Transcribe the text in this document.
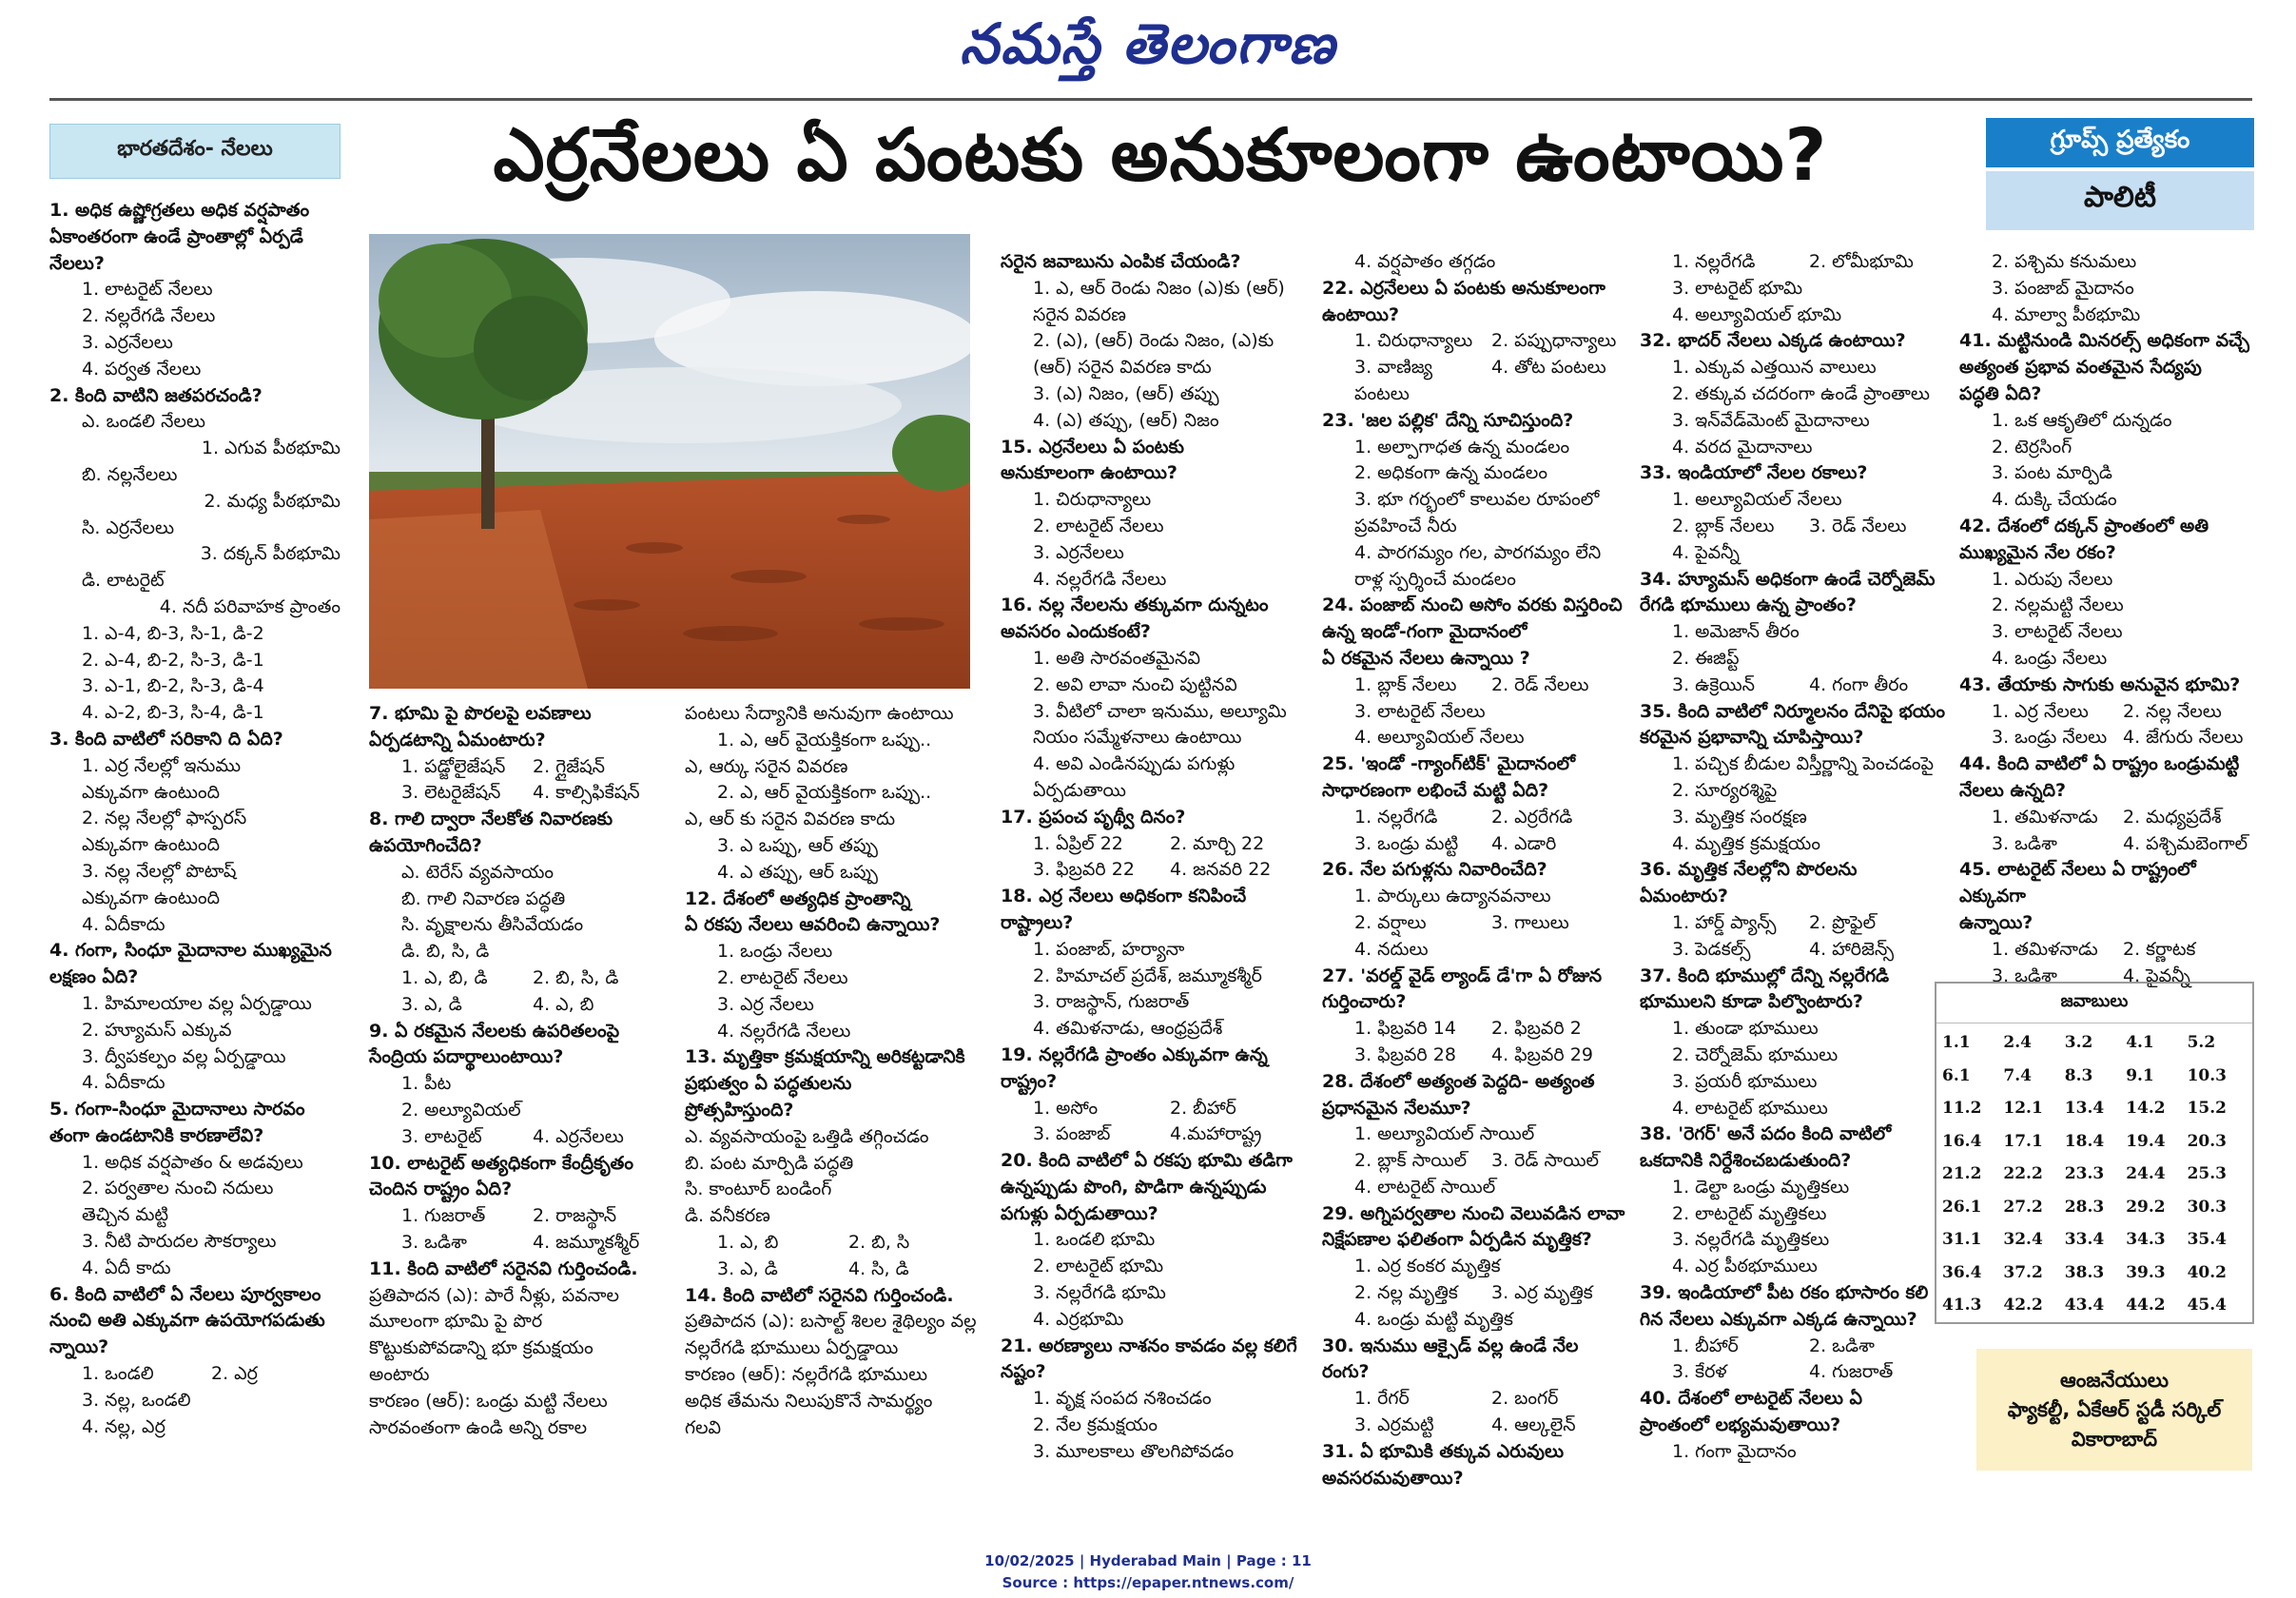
నమస్తే తెలంగాణ
భారతదేశం- నేలలు	ఎర్రనేలలు ఏ పంటకు అనుకూలంగా ఉంటాయి?	గ్రూప్స్ ప్రత్యేకం
పాలిటీ
1. అధిక ఉష్ణోగ్రతలు అధిక వర్షపాతం
ఏకాంతరంగా ఉండే ప్రాంతాల్లో ఏర్పడే
నేలలు?
1. లాటరైట్ నేలలు
2. నల్లరేగడి నేలలు
3. ఎర్రనేలలు
4. పర్వత నేలలు
2. కింది వాటిని జతపరచండి?
ఎ. ఒండలి నేలలు
1. ఎగువ పీఠభూమి
బి. నల్లనేలలు
2. మధ్య పీఠభూమి
సి. ఎర్రనేలలు
3. దక్కన్ పీఠభూమి
డి. లాటరైట్
4. నదీ పరివాహక ప్రాంతం
1. ఎ-4, బి-3, సి-1, డి-2
2. ఎ-4, బి-2, సి-3, డి-1
3. ఎ-1, బి-2, సి-3, డి-4
4. ఎ-2, బి-3, సి-4, డి-1
3. కింది వాటిలో సరికాని ది ఏది?
1. ఎర్ర నేలల్లో ఇనుము
ఎక్కువగా ఉంటుంది
2. నల్ల నేలల్లో ఫాస్పరస్
ఎక్కువగా ఉంటుంది
3. నల్ల నేలల్లో పొటాష్
ఎక్కువగా ఉంటుంది
4. ఏదీకాదు
4. గంగా, సింధూ మైదానాల ముఖ్యమైన
లక్షణం ఏది?
1. హిమాలయాల వల్ల ఏర్పడ్డాయి
2. హ్యూమస్ ఎక్కువ
3. ద్వీపకల్పం వల్ల ఏర్పడ్డాయి
4. ఏదీకాదు
5. గంగా-సింధూ మైదానాలు సారవం
తంగా ఉండటానికి కారణాలేవి?
1. అధిక వర్షపాతం & అడవులు
2. పర్వతాల నుంచి నదులు
తెచ్చిన మట్టి
3. నీటి పారుదల సౌకర్యాలు
4. ఏదీ కాదు
6. కింది వాటిలో ఏ నేలలు పూర్వకాలం
నుంచి అతి ఎక్కువగా ఉపయోగపడుతు
న్నాయి?
1. ఒండలి	2. ఎర్ర
3. నల్ల, ఒండలి
4. నల్ల, ఎర్ర
7. భూమి పై పొరలపై లవణాలు
ఏర్పడటాన్ని ఏమంటారు?
1. పడ్జోలైజేషన్	2. గ్లైజేషన్
3. లెటరైజేషన్	4. కాల్సిఫికేషన్
8. గాలి ద్వారా నేలకోత నివారణకు
ఉపయోగించేది?
ఎ. టెరేస్ వ్యవసాయం
బి. గాలి నివారణ పద్ధతి
సి. వృక్షాలను తీసివేయడం
డి. బి, సి, డి
1. ఎ, బి, డి	2. బి, సి, డి
3. ఎ, డి	4. ఎ, బి
9. ఏ రకమైన నేలలకు ఉపరితలంపై
సేంద్రియ పదార్థాలుంటాయి?
1. పీట
2. అల్యూవియల్
3. లాటరైట్	4. ఎర్రనేలలు
10. లాటరైట్ అత్యధికంగా కేంద్రీకృతం
చెందిన రాష్ట్రం ఏది?
1. గుజరాత్	2. రాజస్థాన్
3. ఒడిశా	4. జమ్మూకశ్మీర్
11. కింది వాటిలో సరైనవి గుర్తించండి.
ప్రతిపాదన (ఎ): పారే నీళ్లు, పవనాల
మూలంగా భూమి పై పొర
కొట్టుకుపోవడాన్ని భూ క్రమక్షయం
అంటారు
కారణం (ఆర్): ఒండ్రు మట్టి నేలలు
సారవంతంగా ఉండి అన్ని రకాల
పంటలు సేద్యానికి అనువుగా ఉంటాయి
1. ఎ, ఆర్ వైయక్తికంగా ఒప్పు..
ఎ, ఆర్కు సరైన వివరణ
2. ఎ, ఆర్ వైయక్తికంగా ఒప్పు..
ఎ, ఆర్ కు సరైన వివరణ కాదు
3. ఎ ఒప్పు, ఆర్ తప్పు
4. ఎ తప్పు, ఆర్ ఒప్పు
12. దేశంలో అత్యధిక ప్రాంతాన్ని
ఏ రకపు నేలలు ఆవరించి ఉన్నాయి?
1. ఒండ్రు నేలలు
2. లాటరైట్ నేలలు
3. ఎర్ర నేలలు
4. నల్లరేగడి నేలలు
13. మృత్తికా క్రమక్షయాన్ని అరికట్టడానికి
ప్రభుత్వం ఏ పద్ధతులను
ప్రోత్సహిస్తుంది?
ఎ. వ్యవసాయంపై ఒత్తిడి తగ్గించడం
బి. పంట మార్పిడి పద్ధతి
సి. కాంటూర్ బండింగ్
డి. వనీకరణ
1. ఎ, బి	2. బి, సి
3. ఎ, డి	4. సి, డి
14. కింది వాటిలో సరైనవి గుర్తించండి.
ప్రతిపాదన (ఎ): బసాల్ట్ శిలల శైథిల్యం వల్ల
నల్లరేగడి భూములు ఏర్పడ్డాయి
కారణం (ఆర్): నల్లరేగడి భూములు
అధిక తేమను నిలుపుకొనే సామర్థ్యం
గలవి
సరైన జవాబును ఎంపిక చేయండి?
1. ఎ, ఆర్ రెండు నిజం (ఎ)కు (ఆర్)
సరైన వివరణ
2. (ఎ), (ఆర్) రెండు నిజం, (ఎ)కు
(ఆర్) సరైన వివరణ కాదు
3. (ఎ) నిజం, (ఆర్) తప్పు
4. (ఎ) తప్పు, (ఆర్) నిజం
15. ఎర్రనేలలు ఏ పంటకు
అనుకూలంగా ఉంటాయి?
1. చిరుధాన్యాలు
2. లాటరైట్ నేలలు
3. ఎర్రనేలలు
4. నల్లరేగడి నేలలు
16. నల్ల నేలలను తక్కువగా దున్నటం
అవసరం ఎందుకంటే?
1. అతి సారవంతమైనవి
2. అవి లావా నుంచి పుట్టినవి
3. వీటిలో చాలా ఇనుము, అల్యూమి
నియం సమ్మేళనాలు ఉంటాయి
4. అవి ఎండినప్పుడు పగుళ్లు
ఏర్పడుతాయి
17. ప్రపంచ పృథ్వీ దినం?
1. ఏప్రిల్ 22	2. మార్చి 22
3. ఫిబ్రవరి 22	4. జనవరి 22
18. ఎర్ర నేలలు అధికంగా కనిపించే రాష్ట్రాలు?
1. పంజాబ్, హర్యానా
2. హిమాచల్ ప్రదేశ్, జమ్మూకశ్మీర్
3. రాజస్థాన్, గుజరాత్
4. తమిళనాడు, ఆంధ్రప్రదేశ్
19. నల్లరేగడి ప్రాంతం ఎక్కువగా ఉన్న
రాష్ట్రం?
1. అసోం	2. బీహార్
3. పంజాబ్	4.మహారాష్ట్ర
20. కింది వాటిలో ఏ రకపు భూమి తడిగా
ఉన్నప్పుడు పొంగి, పొడిగా ఉన్నప్పుడు
పగుళ్లు ఏర్పడుతాయి?
1. ఒండలి భూమి
2. లాటరైట్ భూమి
3. నల్లరేగడి భూమి
4. ఎర్రభూమి
21. అరణ్యాలు నాశనం కావడం వల్ల కలిగే
నష్టం?
1. వృక్ష సంపద నశించడం
2. నేల క్రమక్షయం
3. మూలకాలు తొలగిపోవడం
4. వర్షపాతం తగ్గడం
22. ఎర్రనేలలు ఏ పంటకు అనుకూలంగా
ఉంటాయి?
1. చిరుధాన్యాలు	2. పప్పుధాన్యాలు
3. వాణిజ్య పంటలు
4. తోట పంటలు
23. 'జల పల్లిక' దేన్ని సూచిస్తుంది?
1. అల్పాగాధత ఉన్న మండలం
2. అధికంగా ఉన్న మండలం
3. భూ గర్భంలో కాలువల రూపంలో
ప్రవహించే నీరు
4. పారగమ్యం గల, పారగమ్యం లేని
రాళ్ల స్పర్శించే మండలం
24. పంజాబ్ నుంచి అసోం వరకు విస్తరించి
ఉన్న ఇండో-గంగా మైదానంలో
ఏ రకమైన నేలలు ఉన్నాయి ?
1. బ్లాక్ నేలలు	2. రెడ్ నేలలు
3. లాటరైట్ నేలలు
4. అల్యూవియల్ నేలలు
25. 'ఇండో -గ్యాంగ్‌టిక్' మైదానంలో
సాధారణంగా లభించే మట్టి ఏది?
1. నల్లరేగడి	2. ఎర్రరేగడి
3. ఒండ్రు మట్టి	4. ఎడారి
26. నేల పగుళ్లను నివారించేది?
1. పార్కులు ఉద్యానవనాలు
2. వర్షాలు	3. గాలులు
4. నదులు
27. 'వరల్డ్ వైడ్ ల్యాండ్ డే'గా ఏ రోజున
గుర్తించారు?
1. ఫిబ్రవరి 14	2. ఫిబ్రవరి 2
3. ఫిబ్రవరి 28	4. ఫిబ్రవరి 29
28. దేశంలో అత్యంత పెద్దది- అత్యంత
ప్రధానమైన నేలమూ?
1. అల్యూవియల్ సాయిల్
2. బ్లాక్ సాయిల్	3. రెడ్ సాయిల్
4. లాటరైట్ సాయిల్
29. అగ్నిపర్వతాల నుంచి వెలువడిన లావా
నిక్షేపణాల ఫలితంగా ఏర్పడిన మృత్తిక?
1. ఎర్ర కంకర మృత్తిక
2. నల్ల మృత్తిక	3. ఎర్ర మృత్తిక
4. ఒండ్రు మట్టి మృత్తిక
30. ఇనుము ఆక్సైడ్ వల్ల ఉండే నేల రంగు?
1. రేగర్	2. బంగర్
3. ఎర్రమట్టి	4. ఆల్కలైన్
31. ఏ భూమికి తక్కువ ఎరువులు
అవసరమవుతాయి?
1. నల్లరేగడి	2. లోమీభూమి
3. లాటరైట్ భూమి
4. అల్యూవియల్ భూమి
32. భాదర్ నేలలు ఎక్కడ ఉంటాయి?
1. ఎక్కువ ఎత్తయిన వాలులు
2. తక్కువ చదరంగా ఉండే ప్రాంతాలు
3. ఇన్‌వేడ్‌మెంట్ మైదానాలు
4. వరద మైదానాలు
33. ఇండియాలో నేలల రకాలు?
1. అల్యూవియల్ నేలలు
2. బ్లాక్ నేలలు	3. రెడ్ నేలలు
4. పైవన్నీ
34. హ్యూమస్ అధికంగా ఉండే చెర్నోజెమ్
రేగడి భూములు ఉన్న ప్రాంతం?
1. అమెజాన్ తీరం
2. ఈజిప్ట్
3. ఉక్రెయిన్	4. గంగా తీరం
35. కింది వాటిలో నిర్మూలనం దేనిపై భయం
కరమైన ప్రభావాన్ని చూపిస్తాయి?
1. పచ్చిక బీడుల విస్తీర్ణాన్ని పెంచడంపై
2. సూర్యరశ్మిపై
3. మృత్తిక సంరక్షణ
4. మృత్తిక క్రమక్షయం
36. మృత్తిక నేలల్లోని పొరలను ఏమంటారు?
1. హార్డ్ ప్యాన్స్	2. ప్రొఫైల్
3. పెడకల్స్	4. హారిజెన్స్
37. కింది భూముల్లో దేన్ని నల్లరేగడి
భూములని కూడా పిల్వొంటారు?
1. తుండా భూములు
2. చెర్నోజెమ్ భూములు
3. ప్రయరీ భూములు
4. లాటరైట్ భూములు
38. 'రెగర్' అనే పదం కింది వాటిలో
ఒకదానికి నిర్దేశించబడుతుంది?
1. డెల్టా ఒండ్రు మృత్తికలు
2. లాటరైట్ మృత్తికలు
3. నల్లరేగడి మృత్తికలు
4. ఎర్ర పీఠభూములు
39. ఇండియాలో పీట రకం భూసారం కలి
గిన నేలలు ఎక్కువగా ఎక్కడ ఉన్నాయి?
1. బీహార్	2. ఒడిశా
3. కేరళ	4. గుజరాత్
40. దేశంలో లాటరైట్ నేలలు ఏ
ప్రాంతంలో లభ్యమవుతాయి?
1. గంగా మైదానం
2. పశ్చిమ కనుమలు
3. పంజాబ్ మైదానం
4. మాల్వా పీఠభూమి
41. మట్టినుండి మినరల్స్ అధికంగా వచ్చే
అత్యంత ప్రభావ వంతమైన సేద్యపు
పద్ధతి ఏది?
1. ఒక ఆకృతిలో దున్నడం
2. టెర్రసింగ్
3. పంట మార్పిడి
4. దుక్కి చేయడం
42. దేశంలో దక్కన్ ప్రాంతంలో అతి
ముఖ్యమైన నేల రకం?
1. ఎరుపు నేలలు
2. నల్లమట్టి నేలలు
3. లాటరైట్ నేలలు
4. ఒండ్రు నేలలు
43. తేయాకు సాగుకు అనువైన భూమి?
1. ఎర్ర నేలలు	2. నల్ల నేలలు
3. ఒండ్రు నేలలు 4. జేగురు నేలలు
44. కింది వాటిలో ఏ రాష్ట్రం ఒండ్రుమట్టి
నేలలు ఉన్నది?
1. తమిళనాడు	2. మధ్యప్రదేశ్
3. ఒడిశా	4. పశ్చిమబెంగాల్
45. లాటరైట్ నేలలు ఏ రాష్ట్రంలో ఎక్కువగా
ఉన్నాయి?
1. తమిళనాడు	2. కర్ణాటక
3. ఒడిశా	4. పైవన్నీ
జవాబులు
1.1	2.4	3.2	4.1	5.2
6.1	7.4	8.3	9.1	10.3
11.2	12.1	13.4	14.2	15.2
16.4	17.1	18.4	19.4	20.3
21.2	22.2	23.3	24.4	25.3
26.1	27.2	28.3	29.2	30.3
31.1	32.4	33.4	34.3	35.4
36.4	37.2	38.3	39.3	40.2
41.3	42.2	43.4	44.2	45.4
ఆంజనేయులు
ఫ్యాకల్టీ, ఏకేఆర్ స్టడీ సర్కిల్
వికారాబాద్
10/02/2025 | Hyderabad Main | Page : 11
Source : https://epaper.ntnews.com/
